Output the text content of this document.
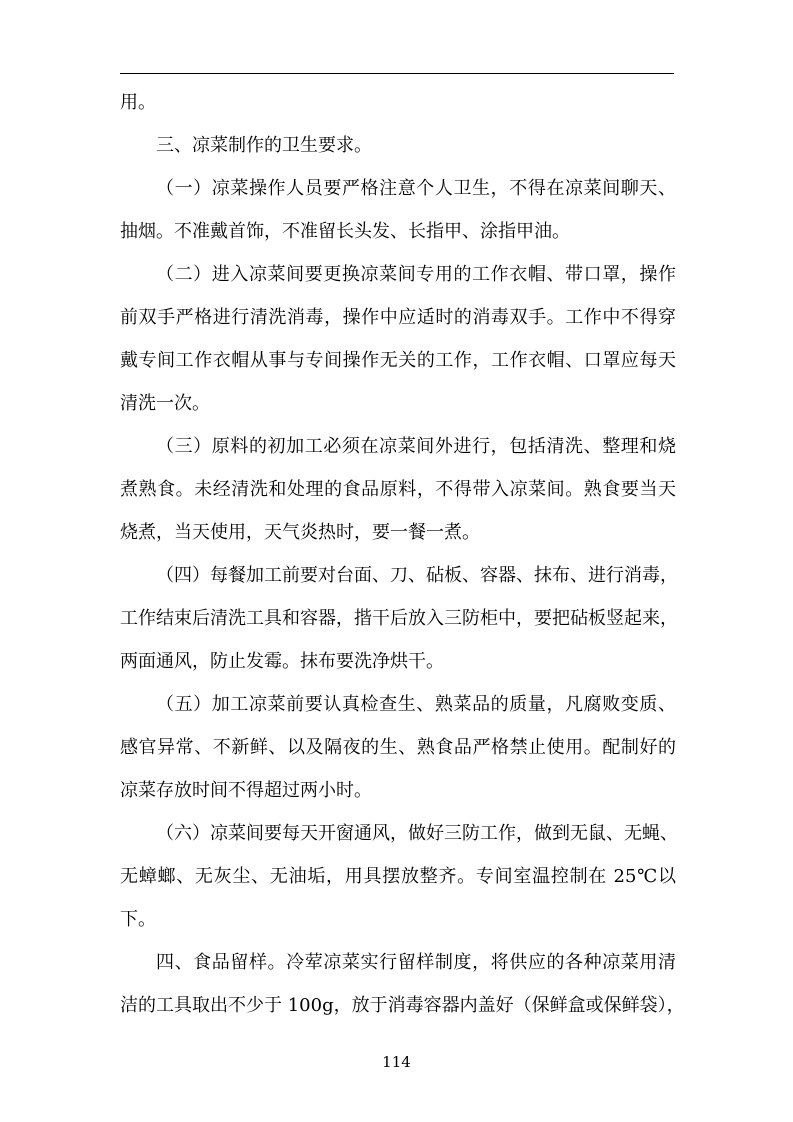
用。
三、凉菜制作的卫生要求。
（一）凉菜操作人员要严格注意个人卫生，不得在凉菜间聊天、
抽烟。不准戴首饰，不准留长头发、长指甲、涂指甲油。
（二）进入凉菜间要更换凉菜间专用的工作衣帽、带口罩，操作
前双手严格进行清洗消毒，操作中应适时的消毒双手。工作中不得穿
戴专间工作衣帽从事与专间操作无关的工作，工作衣帽、口罩应每天
清洗一次。
（三）原料的初加工必须在凉菜间外进行，包括清洗、整理和烧
煮熟食。未经清洗和处理的食品原料，不得带入凉菜间。熟食要当天
烧煮，当天使用，天气炎热时，要一餐一煮。
（四）每餐加工前要对台面、刀、砧板、容器、抹布、进行消毒，
工作结束后清洗工具和容器，揩干后放入三防柜中，要把砧板竖起来，
两面通风，防止发霉。抹布要洗净烘干。
（五）加工凉菜前要认真检查生、熟菜品的质量，凡腐败变质、
感官异常、不新鲜、以及隔夜的生、熟食品严格禁止使用。配制好的
凉菜存放时间不得超过两小时。
（六）凉菜间要每天开窗通风，做好三防工作，做到无鼠、无蝇、
无蟑螂、无灰尘、无油垢，用具摆放整齐。专间室温控制在 25℃以
下。
四、食品留样。冷荤凉菜实行留样制度，将供应的各种凉菜用清
洁的工具取出不少于 100g，放于消毒容器内盖好（保鲜盒或保鲜袋），
114
